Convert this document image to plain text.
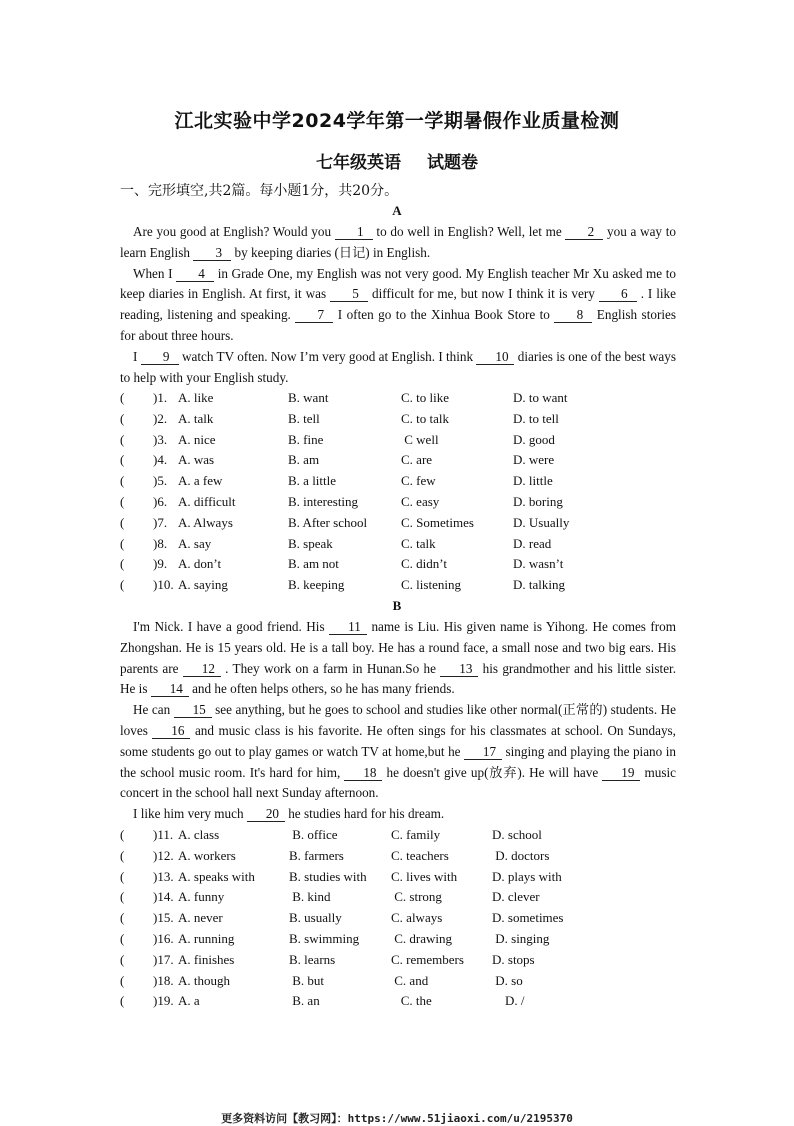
江北实验中学2024学年第一学期暑假作业质量检测
七年级英语 试题卷
一、完形填空,共2篇。每小题1分，共20分。
A

Are you good at English? Would you 1 to do well in English? Well, let me 2 you a way to learn English 3 by keeping diaries (日记) in English.

When I 4 in Grade One, my English was not very good. My English teacher Mr Xu asked me to keep diaries in English. At first, it was 5 difficult for me, but now I think it is very 6 . I like reading, listening and speaking. 7 I often go to the Xinhua Book Store to 8 English stories for about three hours.

I 9 watch TV often. Now I’m very good at English. I think 10 diaries is one of the best ways to help with your English study.

( )1. A. like	B. want	C. to like	D. to want
( )2. A. talk	B. tell	C. to talk	D. to tell
( )3. A. nice	B. fine	C well	D. good
( )4. A. was	B. am	C. are	D. were
( )5. A. a few	B. a little	C. few	D. little
( )6. A. difficult	B. interesting	C. easy	D. boring
( )7. A. Always	B. After school	C. Sometimes	D. Usually
( )8. A. say	B. speak	C. talk	D. read
( )9. A. don’t	B. am not	C. didn’t	D. wasn’t
( )10. A. saying	B. keeping	C. listening	D. talking
B

I'm Nick. I have a good friend. His 11 name is Liu. His given name is Yihong. He comes from Zhongshan. He is 15 years old. He is a tall boy. He has a round face, a small nose and two big ears. His parents are 12 . They work on a farm in Hunan.So he 13 his grandmother and his little sister. He is 14 and he often helps others, so he has many friends.

He can 15 see anything, but he goes to school and studies like other normal(正常的) students. He loves 16 and music class is his favorite. He often sings for his classmates at school. On Sundays, some students go out to play games or watch TV at home,but he 17 singing and playing the piano in the school music room. It's hard for him, 18 he doesn't give up(放弃). He will have 19 music concert in the school hall next Sunday afternoon.

I like him very much 20 he studies hard for his dream.

( )11. A. class	B. office	C. family	D. school
( )12. A. workers	B. farmers	C. teachers	D. doctors
( )13. A. speaks with	B. studies with C. lives with	D. plays with
( )14. A. funny	B. kind	C. strong	D. clever
( )15. A. never	B. usually	C. always	D. sometimes
( )16. A. running	B. swimming C. drawing	D. singing
( )17. A. finishes	B. learns	C. remembers D. stops
( )18. A. though	B. but	C. and	D. so
( )19. A. a	B. an	C. the	D. /
更多资料访问【教习网】：https://www.51jiaoxi.com/u/2195370
